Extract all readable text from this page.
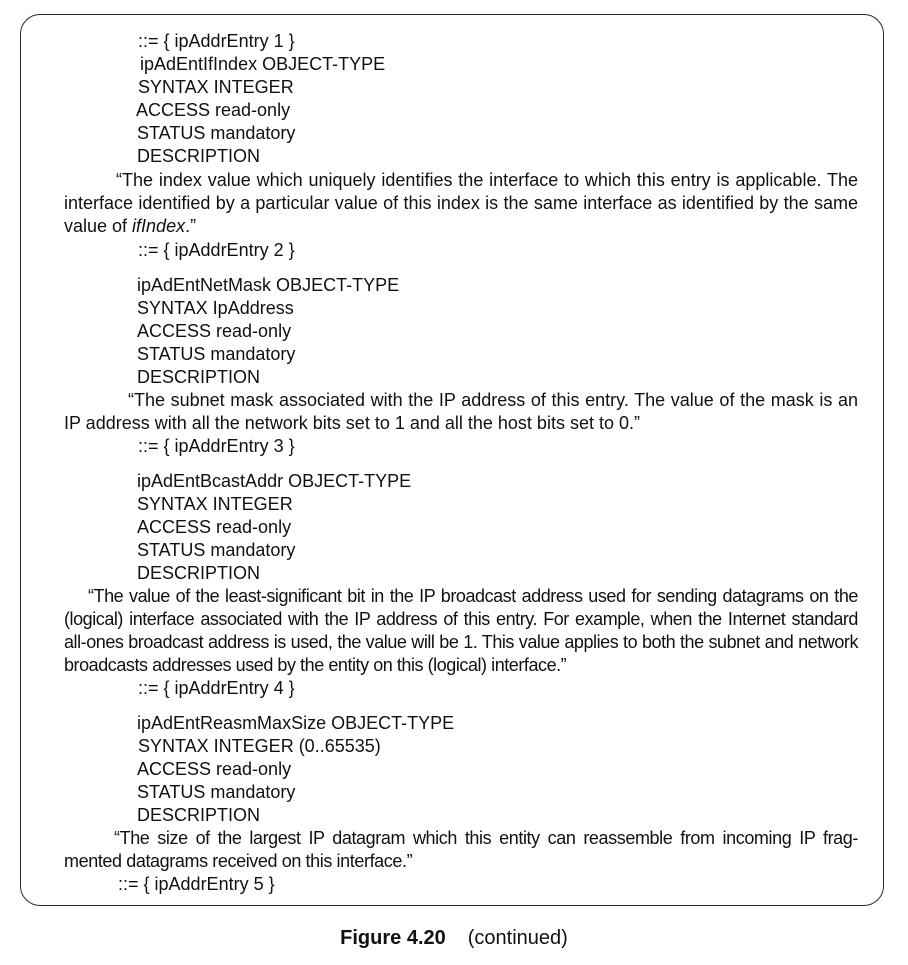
::= { ipAddrEntry 1 }

ipAdEntIfIndex OBJECT-TYPE

SYNTAX INTEGER

ACCESS read-only

STATUS mandatory

DESCRIPTION

“The index value which uniquely identifies the interface to which this entry is applicable. The interface identified by a particular value of this index is the same interface as identified by the same value of ifIndex.”

::= { ipAddrEntry 2 }

ipAdEntNetMask OBJECT-TYPE

SYNTAX IpAddress

ACCESS read-only

STATUS mandatory

DESCRIPTION

“The subnet mask associated with the IP address of this entry. The value of the mask is an IP address with all the network bits set to 1 and all the host bits set to 0.”

::= { ipAddrEntry 3 }

ipAdEntBcastAddr OBJECT-TYPE

SYNTAX INTEGER

ACCESS read-only

STATUS mandatory

DESCRIPTION

“The value of the least-significant bit in the IP broadcast address used for sending datagrams on the (logical) interface associated with the IP address of this entry. For example, when the Internet standard all-ones broadcast address is used, the value will be 1. This value applies to both the subnet and network broadcasts addresses used by the entity on this (logical) interface.”

::= { ipAddrEntry 4 }

ipAdEntReasmMaxSize OBJECT-TYPE

SYNTAX INTEGER (0..65535)

ACCESS read-only

STATUS mandatory

DESCRIPTION

“The size of the largest IP datagram which this entity can reassemble from incoming IP frag-mented datagrams received on this interface.”

::= { ipAddrEntry 5 }

Figure 4.20 (continued)
